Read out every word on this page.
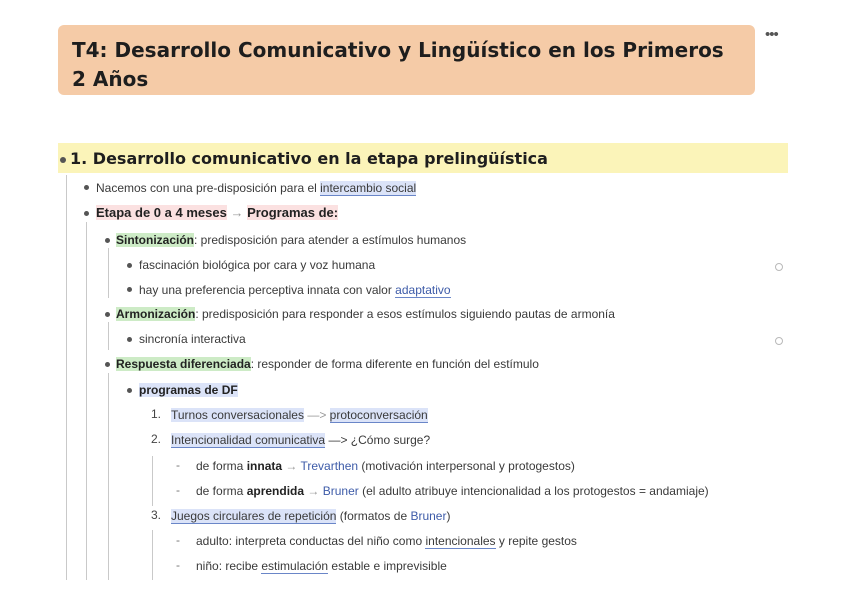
T4: Desarrollo Comunicativo y Lingüístico en los Primeros 2 Años
•••
1. Desarrollo comunicativo en la etapa prelingüística
Nacemos con una pre-disposición para el intercambio social
Etapa de 0 a 4 meses → Programas de:
Sintonización: predisposición para atender a estímulos humanos
fascinación biológica por cara y voz humana
hay una preferencia perceptiva innata con valor adaptativo
Armonización: predisposición para responder a esos estímulos siguiendo pautas de armonía
sincronía interactiva
Respuesta diferenciada: responder de forma diferente en función del estímulo
programas de DF
1. Turnos conversacionales —> protoconversación
2. Intencionalidad comunicativa —> ¿Cómo surge?
- de forma innata → Trevarthen (motivación interpersonal y protogestos)
- de forma aprendida → Bruner (el adulto atribuye intencionalidad a los protogestos = andamiaje)
3. Juegos circulares de repetición (formatos de Bruner)
- adulto: interpreta conductas del niño como intencionales y repite gestos
- niño: recibe estimulación estable e imprevisible
